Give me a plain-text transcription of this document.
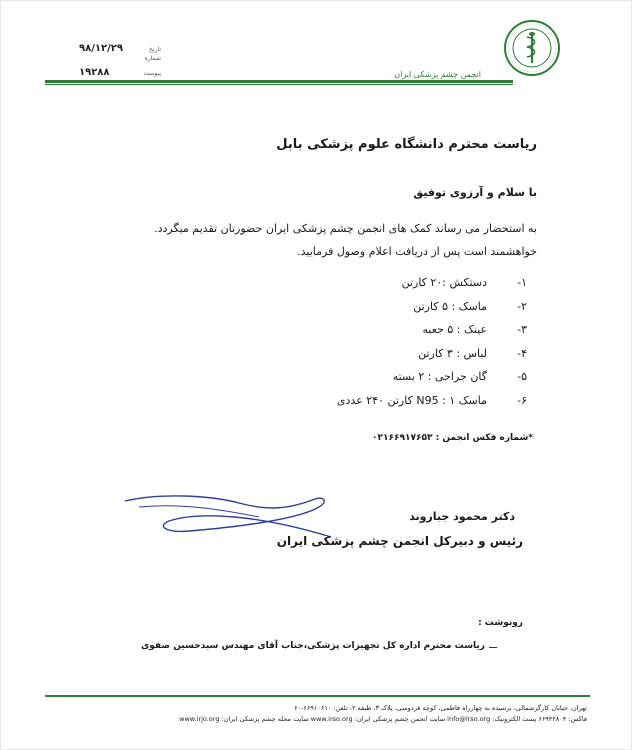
انجمن چشم پزشکی ایران
۹۸/۱۲/۲۹	تاریخ
شماره
۱۹۲۸۸	پیوست
ریاست محترم دانشگاه علوم پزشکی بابل
با سلام و آرزوی توفیق
به استحضار می رساند کمک های انجمن چشم پزشکی ایران حضورتان تقدیم میگردد.
خواهشمند است پس از دریافت اعلام وصول فرمایید.
۱-
دستکش :۲۰ کارتن
۲-
ماسک : ۵ کارتن
۳-
عینک : ۵ جعبه
۴-
لباس : ۳ کارتن
۵-
گان جراحی : ۲ بسته
۶-
ماسک N95 : ۱ کارتن ۲۴۰ عددی
*شماره فکس انجمن : ۰۲۱۶۶۹۱۷۶۵۳
دکتر محمود جباروند
رئیس و دبیرکل انجمن چشم پزشکی ایران
رونوشت :
ریاست محترم اداره کل تجهیزات پزشکی،جناب آقای مهندس سیدحسین صفوی
تهران، خیابان کارگرشمالی، نرسیده به چهارراه فاطمی، کوچه فردوسی، پلاک ۳، طبقه ۲، تلفن: ۶۶۹۱۰۶۱۰-۶۰
فاکس: ۶۶۹۴۲۸۰۴ پست الکترونیک: info@irso.org سایت انجمن چشم پزشکی ایران: www.irso.org سایت مجله چشم پزشکی ایران: www.irjo.org
